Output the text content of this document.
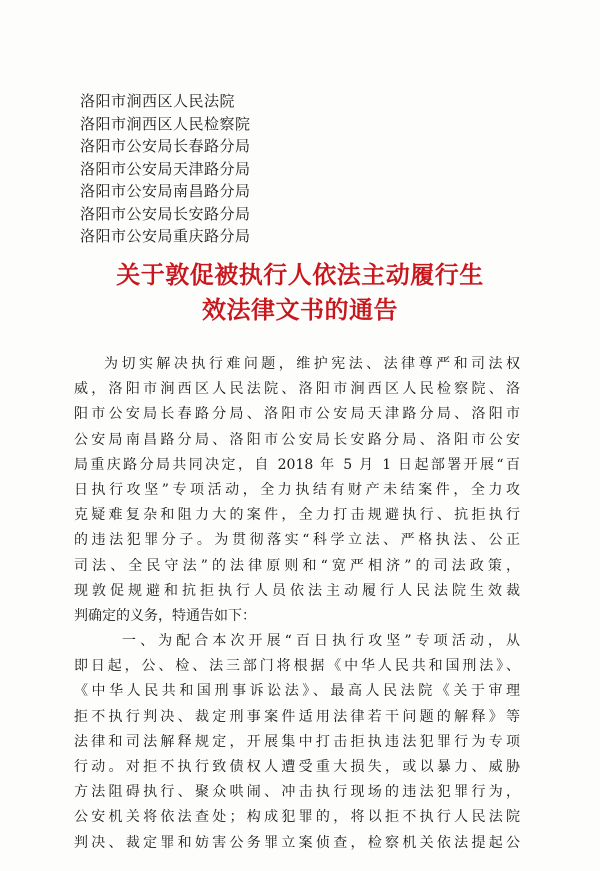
洛阳市涧西区人民法院
洛阳市涧西区人民检察院
洛阳市公安局长春路分局
洛阳市公安局天津路分局
洛阳市公安局南昌路分局
洛阳市公安局长安路分局
洛阳市公安局重庆路分局
关于敦促被执行人依法主动履行生
效法律文书的通告
为切实解决执行难问题，维护宪法、法律尊严和司法权
威，洛阳市涧西区人民法院、洛阳市涧西区人民检察院、洛
阳市公安局长春路分局、洛阳市公安局天津路分局、洛阳市
公安局南昌路分局、洛阳市公安局长安路分局、洛阳市公安
局重庆路分局共同决定，自 2018 年 5 月 1 日起部署开展“百
日执行攻坚”专项活动，全力执结有财产未结案件，全力攻
克疑难复杂和阻力大的案件，全力打击规避执行、抗拒执行
的违法犯罪分子。为贯彻落实“科学立法、严格执法、公正
司法、全民守法”的法律原则和“宽严相济”的司法政策，
现敦促规避和抗拒执行人员依法主动履行人民法院生效裁
判确定的义务，特通告如下：
一、为配合本次开展“百日执行攻坚”专项活动，从
即日起，公、检、法三部门将根据《中华人民共和国刑法》、
《中华人民共和国刑事诉讼法》、最高人民法院《关于审理
拒不执行判决、裁定刑事案件适用法律若干问题的解释》等
法律和司法解释规定，开展集中打击拒执违法犯罪行为专项
行动。对拒不执行致债权人遭受重大损失，或以暴力、威胁
方法阻碍执行、聚众哄闹、冲击执行现场的违法犯罪行为，
公安机关将依法查处；构成犯罪的，将以拒不执行人民法院
判决、裁定罪和妨害公务罪立案侦查，检察机关依法提起公
